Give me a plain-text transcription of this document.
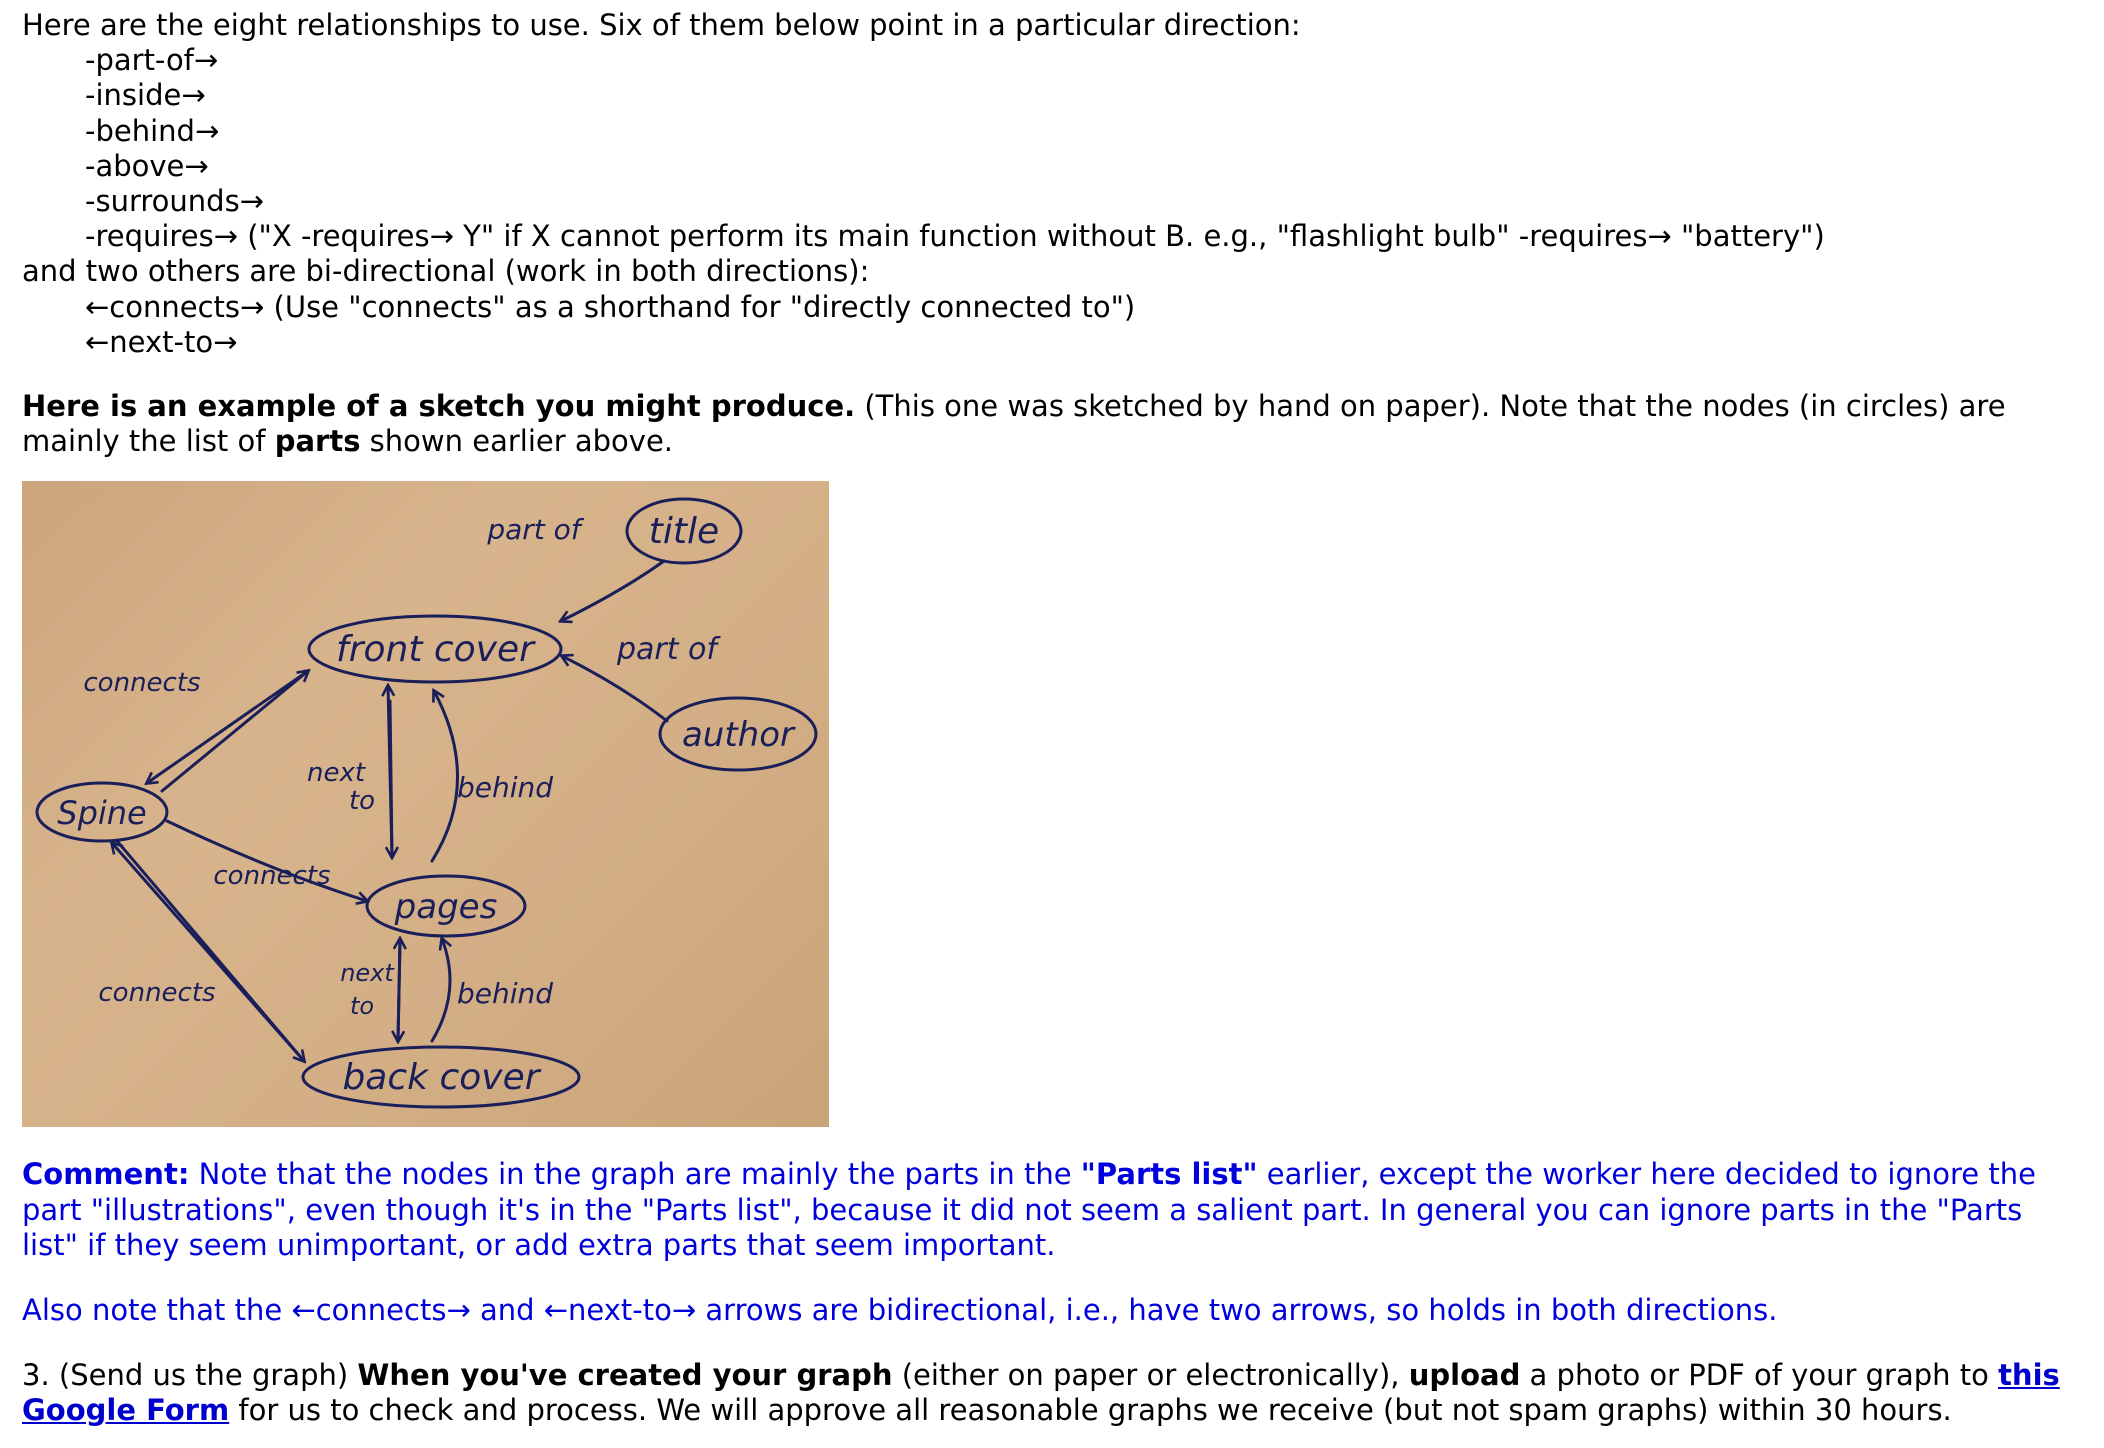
Here are the eight relationships to use. Six of them below point in a particular direction:
-part-of→
-inside→
-behind→
-above→
-surrounds→
-requires→ ("X -requires→ Y" if X cannot perform its main function without B. e.g., "flashlight bulb" -requires→ "battery")
and two others are bi-directional (work in both directions):
←connects→ (Use "connects" as a shorthand for "directly connected to")
←next-to→
Here is an example of a sketch you might produce. (This one was sketched by hand on paper). Note that the nodes (in circles) are
mainly the list of parts shown earlier above.
title
front cover
author
Spine
pages
back cover
part of
part of
connects
connects
connects
next
to	behind
next
to	behind
Comment: Note that the nodes in the graph are mainly the parts in the "Parts list" earlier, except the worker here decided to ignore the
part "illustrations", even though it's in the "Parts list", because it did not seem a salient part. In general you can ignore parts in the "Parts
list" if they seem unimportant, or add extra parts that seem important.
Also note that the ←connects→ and ←next-to→ arrows are bidirectional, i.e., have two arrows, so holds in both directions.
3. (Send us the graph) When you've created your graph (either on paper or electronically), upload a photo or PDF of your graph to this
Google Form for us to check and process. We will approve all reasonable graphs we receive (but not spam graphs) within 30 hours.
